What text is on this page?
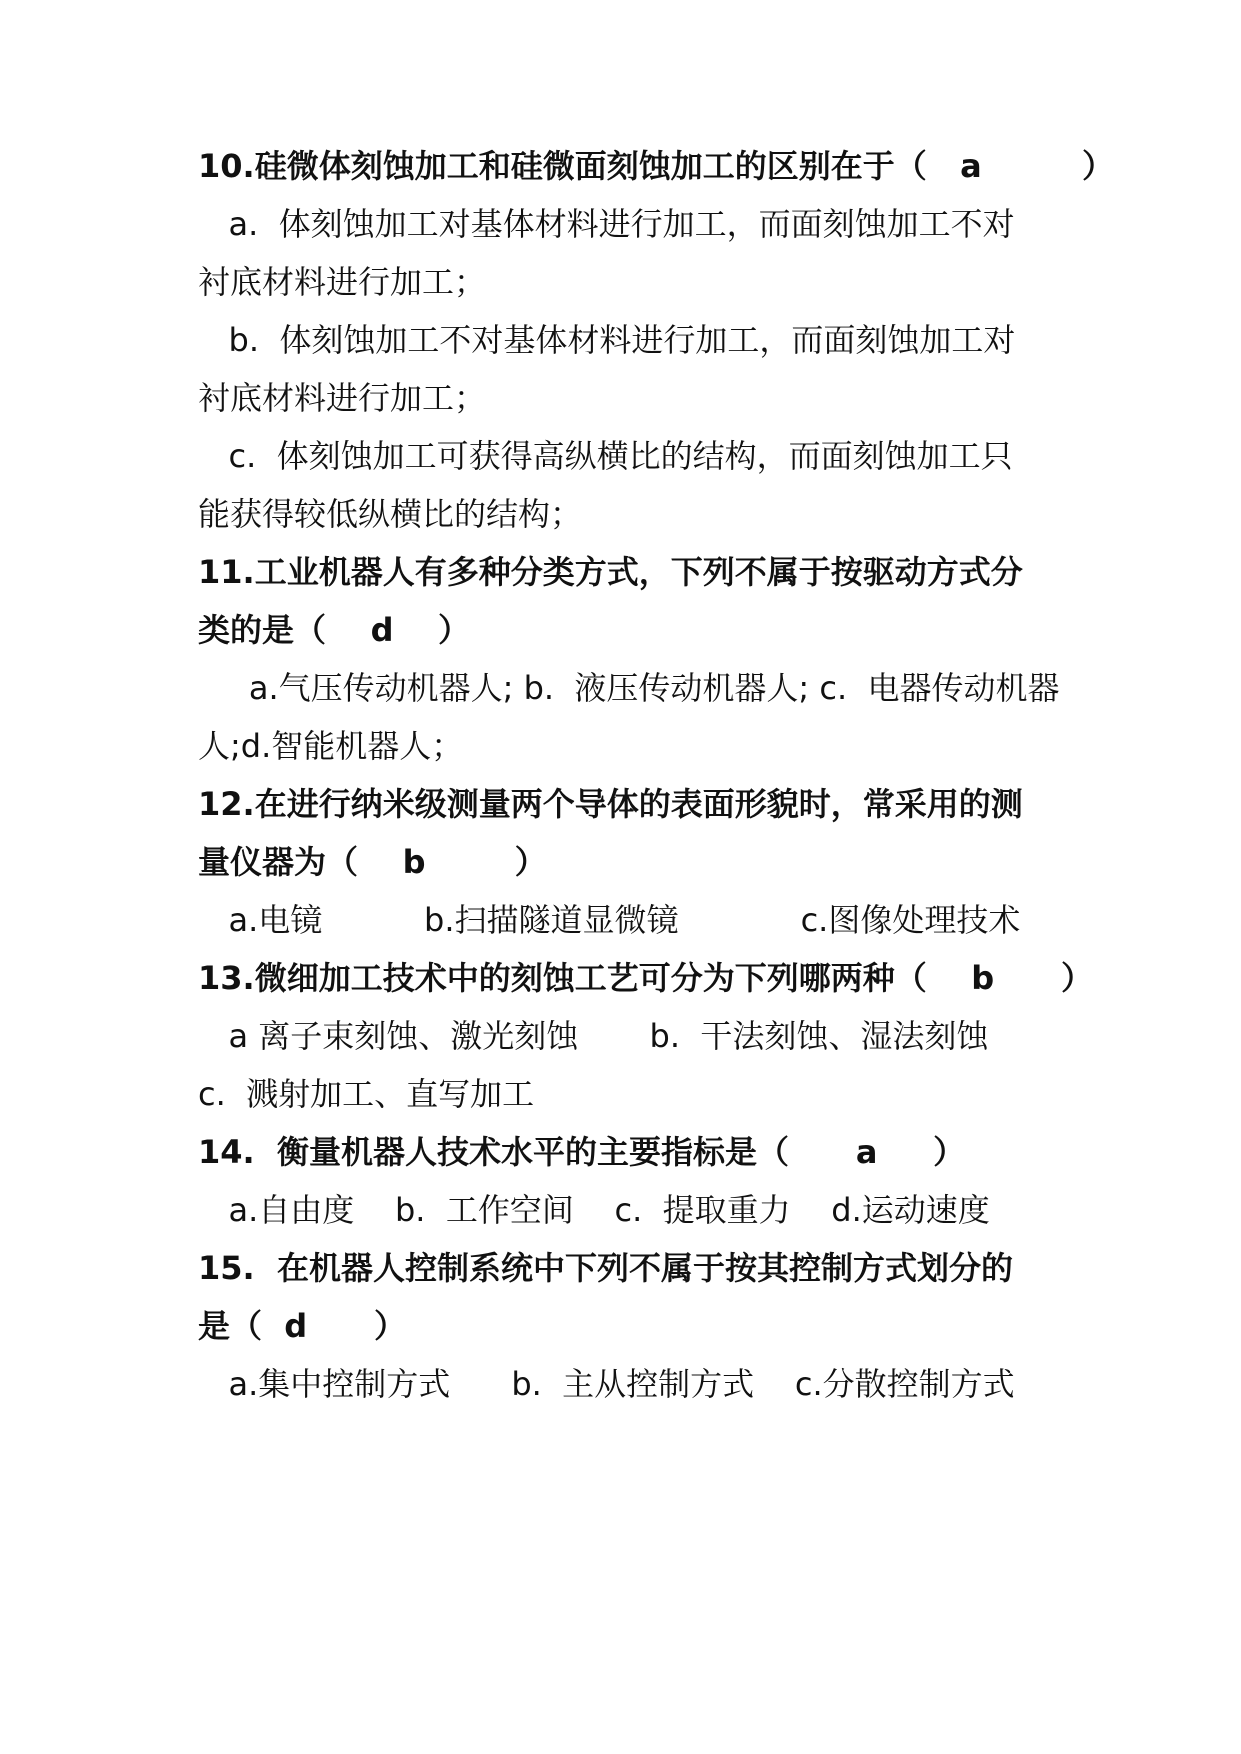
10.硅微体刻蚀加工和硅微面刻蚀加工的区别在于（   a         ）
a.  体刻蚀加工对基体材料进行加工，而面刻蚀加工不对
衬底材料进行加工；
b.  体刻蚀加工不对基体材料进行加工，而面刻蚀加工对
衬底材料进行加工；
c.  体刻蚀加工可获得高纵横比的结构，而面刻蚀加工只
能获得较低纵横比的结构；
11.工业机器人有多种分类方式，下列不属于按驱动方式分
类的是（    d    ）
a.气压传动机器人; b.  液压传动机器人; c.  电器传动机器
人;d.智能机器人；
12.在进行纳米级测量两个导体的表面形貌时，常采用的测
量仪器为（    b        ）
a.电镜          b.扫描隧道显微镜            c.图像处理技术
13.微细加工技术中的刻蚀工艺可分为下列哪两种（    b      ）
a 离子束刻蚀、激光刻蚀       b.  干法刻蚀、湿法刻蚀
c.  溅射加工、直写加工
14.  衡量机器人技术水平的主要指标是（      a     ）
a.自由度    b.  工作空间    c.  提取重力    d.运动速度
15.  在机器人控制系统中下列不属于按其控制方式划分的
是（  d      ）
a.集中控制方式      b.  主从控制方式    c.分散控制方式
